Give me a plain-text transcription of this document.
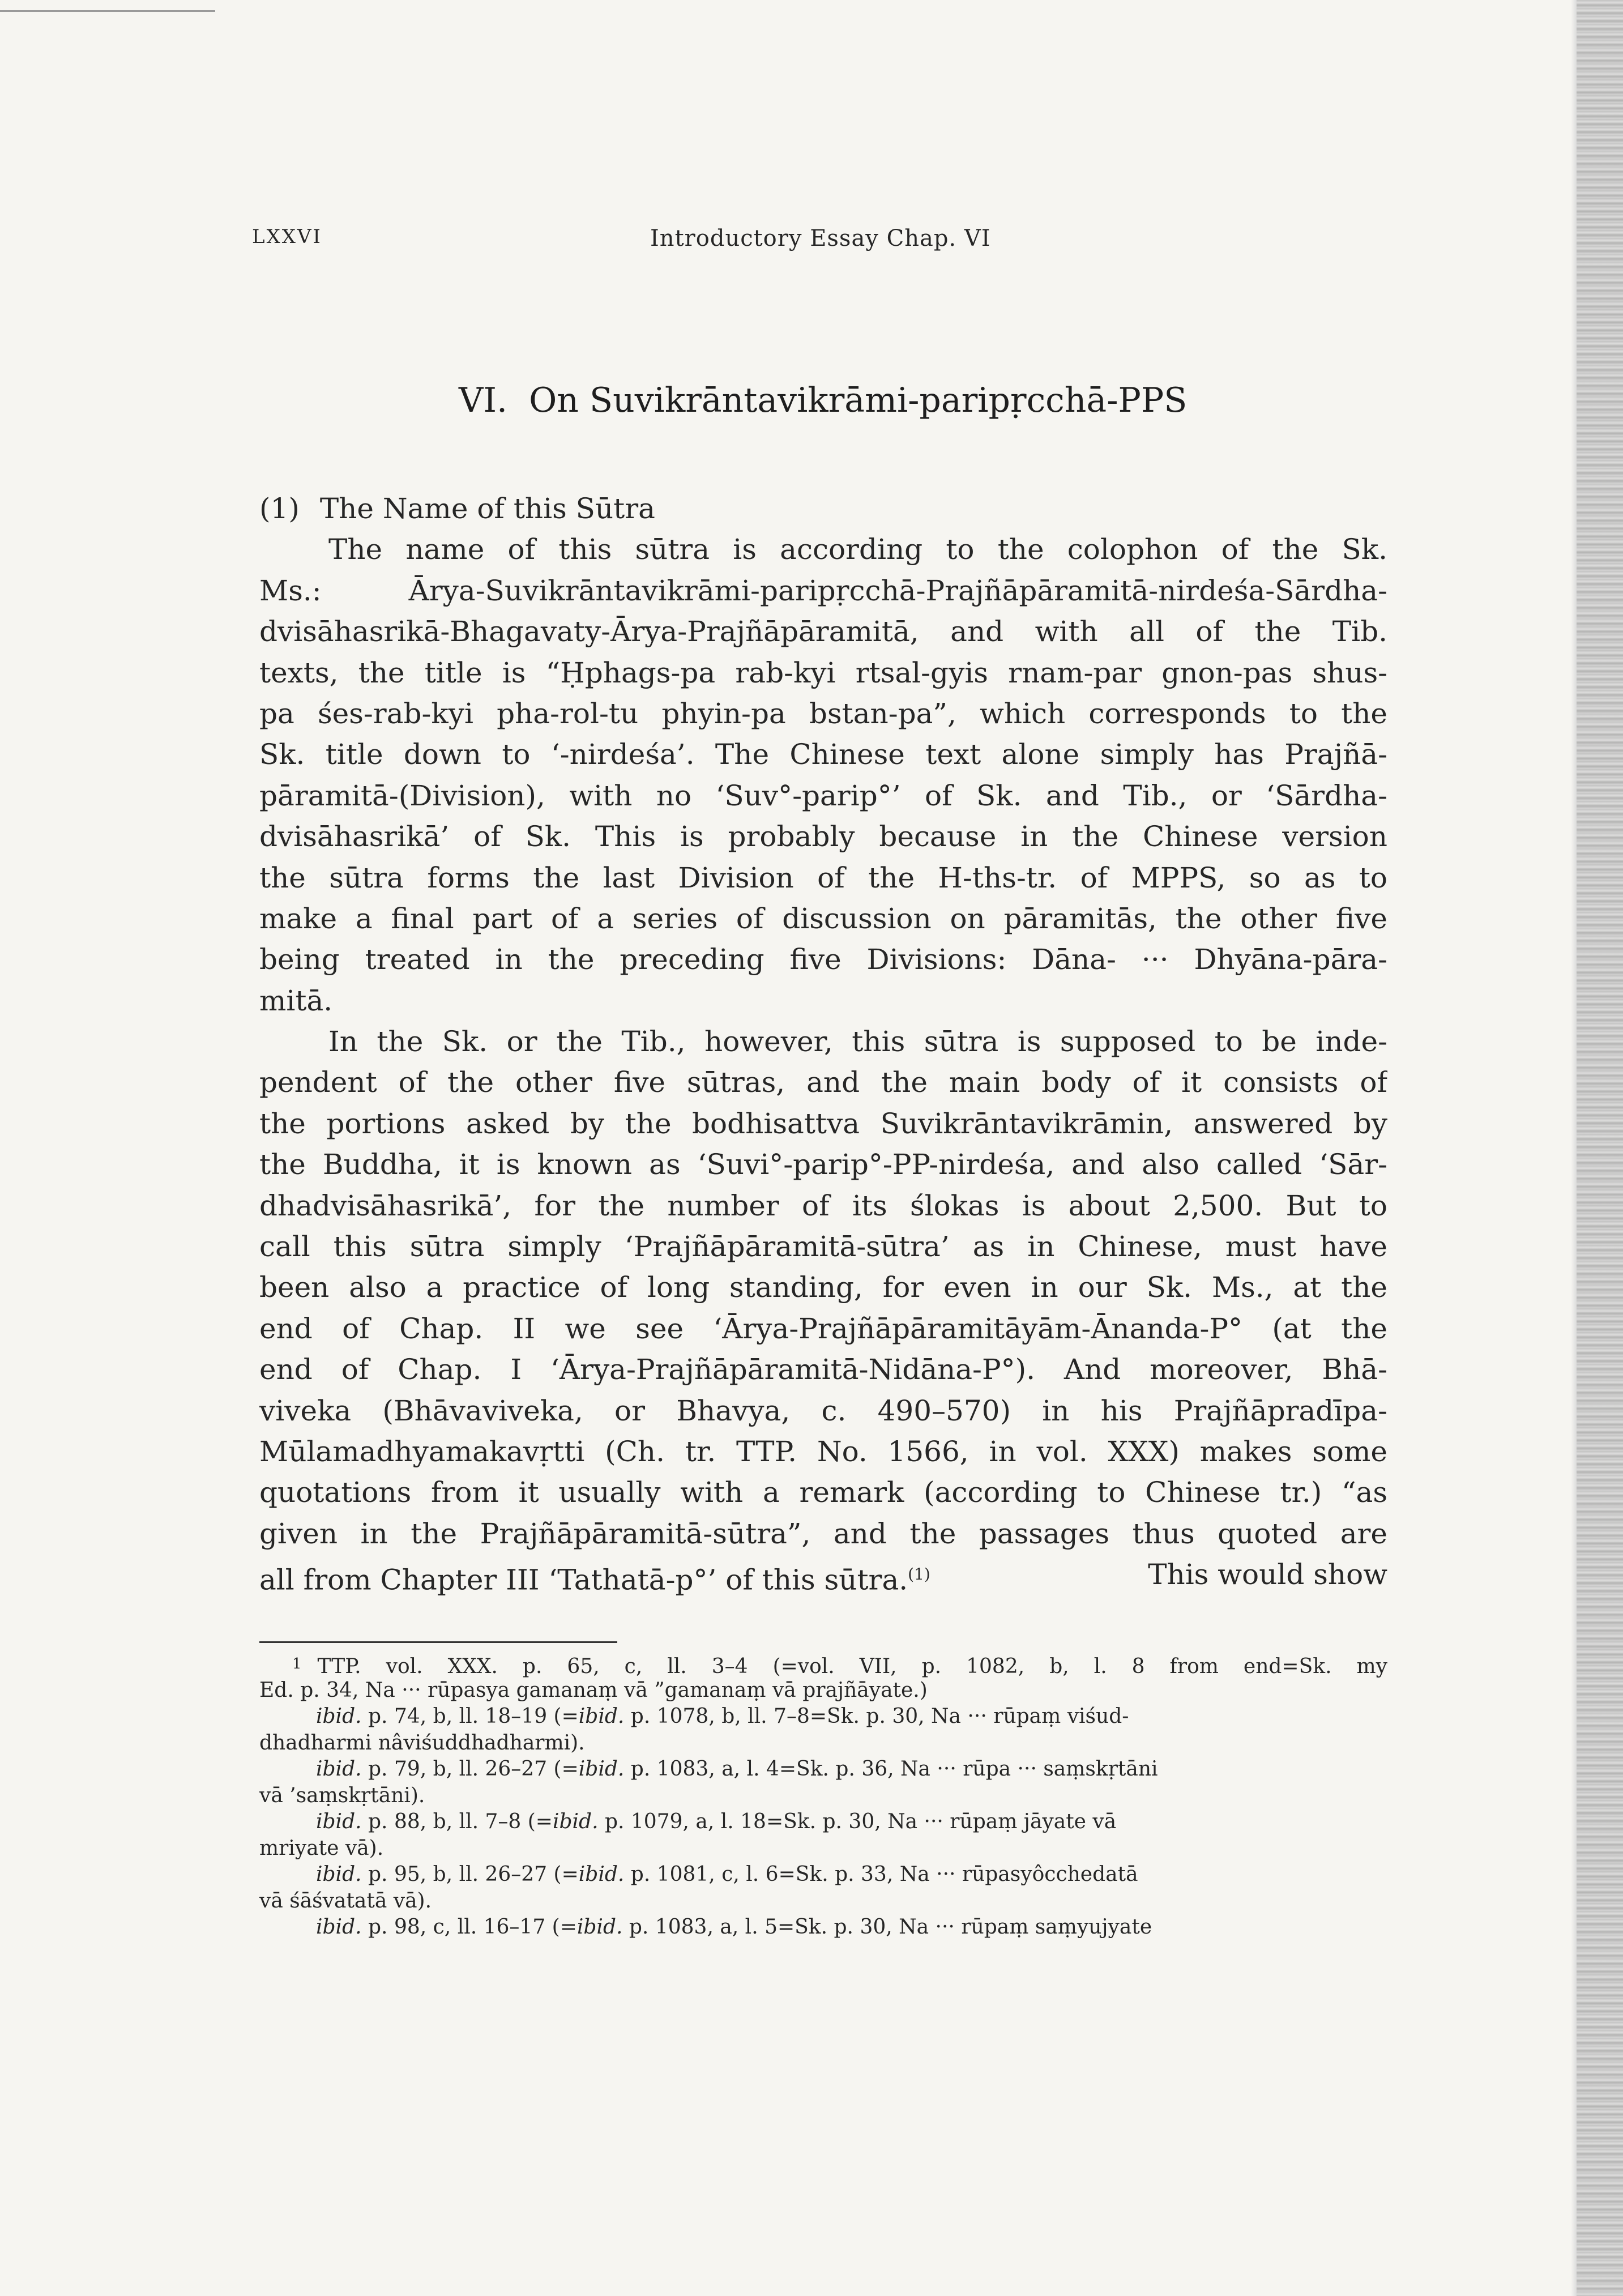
LXXVI	Introductory Essay Chap. VI
VI. On Suvikrāntavikrāmi-paripṛcchā-PPS
(1) The Name of this Sūtra
The name of this sūtra is according to the colophon of the Sk.
Ms.: Ārya-Suvikrāntavikrāmi-paripṛcchā-Prajñāpāramitā-nirdeśa-Sārdha-
dvisāhasrikā-Bhagavaty-Ārya-Prajñāpāramitā, and with all of the Tib.
texts, the title is “Ḥphags-pa rab-kyi rtsal-gyis rnam-par gnon-pas shus-
pa śes-rab-kyi pha-rol-tu phyin-pa bstan-pa”, which corresponds to the
Sk. title down to ‘-nirdeśa’. The Chinese text alone simply has Prajñā-
pāramitā-(Division), with no ‘Suv°-parip°’ of Sk. and Tib., or ‘Sārdha-
dvisāhasrikā’ of Sk. This is probably because in the Chinese version
the sūtra forms the last Division of the H-ths-tr. of MPPS, so as to
make a final part of a series of discussion on pāramitās, the other five
being treated in the preceding five Divisions: Dāna- ··· Dhyāna-pāra-
mitā.
In the Sk. or the Tib., however, this sūtra is supposed to be inde-
pendent of the other five sūtras, and the main body of it consists of
the portions asked by the bodhisattva Suvikrāntavikrāmin, answered by
the Buddha, it is known as ‘Suvi°-parip°-PP-nirdeśa, and also called ‘Sār-
dhadvisāhasrikā’, for the number of its ślokas is about 2,500. But to
call this sūtra simply ‘Prajñāpāramitā-sūtra’ as in Chinese, must have
been also a practice of long standing, for even in our Sk. Ms., at the
end of Chap. II we see ‘Ārya-Prajñāpāramitāyām-Ānanda-P° (at the
end of Chap. I ‘Ārya-Prajñāpāramitā-Nidāna-P°). And moreover, Bhā-
viveka (Bhāvaviveka, or Bhavya, c. 490–570) in his Prajñāpradīpa-
Mūlamadhyamakavṛtti (Ch. tr. TTP. No. 1566, in vol. XXX) makes some
quotations from it usually with a remark (according to Chinese tr.) “as
given in the Prajñāpāramitā-sūtra”, and the passages thus quoted are
all from Chapter III ‘Tathatā-p°’ of this sūtra.$^{(1)}$	This would show
$^1$ TTP. vol. XXX. p. 65, c, ll. 3–4 (=vol. VII, p. 1082, b, l. 8 from end=Sk. my
Ed. p. 34, Na ··· rūpasya gamanaṃ vā ”gamanaṃ vā prajñāyate.)
ibid. p. 74, b, ll. 18–19 (=ibid. p. 1078, b, ll. 7–8=Sk. p. 30, Na ··· rūpaṃ viśud-
dhadharmi nâviśuddhadharmi).
ibid. p. 79, b, ll. 26–27 (=ibid. p. 1083, a, l. 4=Sk. p. 36, Na ··· rūpa ··· saṃskṛtāni
vā ’saṃskṛtāni).
ibid. p. 88, b, ll. 7–8 (=ibid. p. 1079, a, l. 18=Sk. p. 30, Na ··· rūpaṃ jāyate vā
mriyate vā).
ibid. p. 95, b, ll. 26–27 (=ibid. p. 1081, c, l. 6=Sk. p. 33, Na ··· rūpasyôcchedatā
vā śāśvatatā vā).
ibid. p. 98, c, ll. 16–17 (=ibid. p. 1083, a, l. 5=Sk. p. 30, Na ··· rūpaṃ saṃyujyate
